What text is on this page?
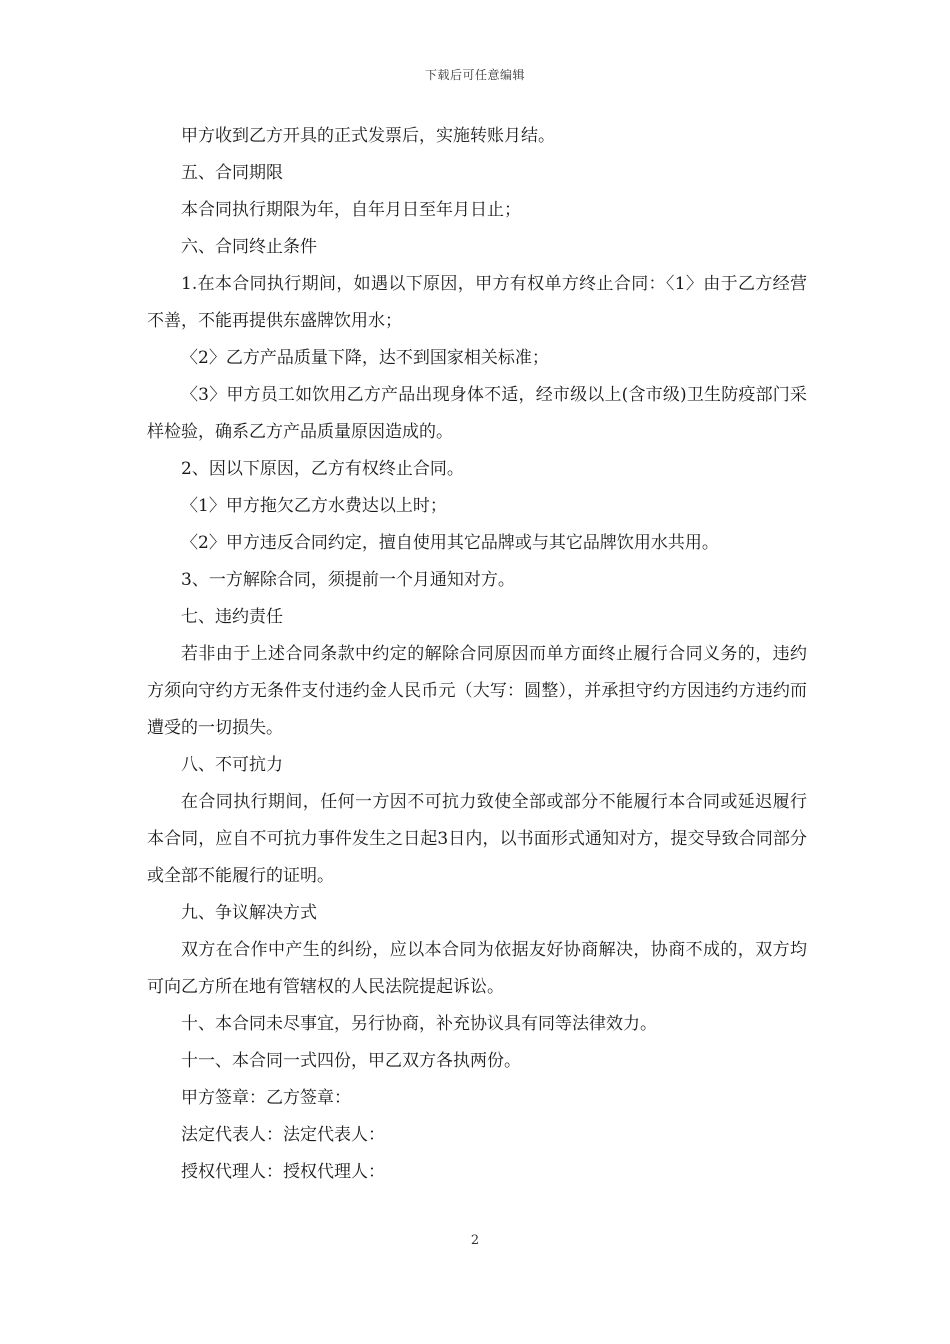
下载后可任意编辑

甲方收到乙方开具的正式发票后，实施转账月结。

五、合同期限

本合同执行期限为年，自年月日至年月日止；

六、合同终止条件

1.在本合同执行期间，如遇以下原因，甲方有权单方终止合同：〈1〉由于乙方经营不善，不能再提供东盛牌饮用水；

〈2〉乙方产品质量下降，达不到国家相关标准；

〈3〉甲方员工如饮用乙方产品出现身体不适，经市级以上(含市级)卫生防疫部门采样检验，确系乙方产品质量原因造成的。

2、因以下原因，乙方有权终止合同。

〈1〉甲方拖欠乙方水费达以上时；

〈2〉甲方违反合同约定，擅自使用其它品牌或与其它品牌饮用水共用。

3、一方解除合同，须提前一个月通知对方。

七、违约责任

若非由于上述合同条款中约定的解除合同原因而单方面终止履行合同义务的，违约方须向守约方无条件支付违约金人民币元（大写：圆整），并承担守约方因违约方违约而遭受的一切损失。

八、不可抗力

在合同执行期间，任何一方因不可抗力致使全部或部分不能履行本合同或延迟履行本合同，应自不可抗力事件发生之日起3日内，以书面形式通知对方，提交导致合同部分或全部不能履行的证明。

九、争议解决方式

双方在合作中产生的纠纷，应以本合同为依据友好协商解决，协商不成的，双方均可向乙方所在地有管辖权的人民法院提起诉讼。

十、本合同未尽事宜，另行协商，补充协议具有同等法律效力。

十一、本合同一式四份，甲乙双方各执两份。

甲方签章：乙方签章：

法定代表人：法定代表人：

授权代理人：授权代理人：

2
